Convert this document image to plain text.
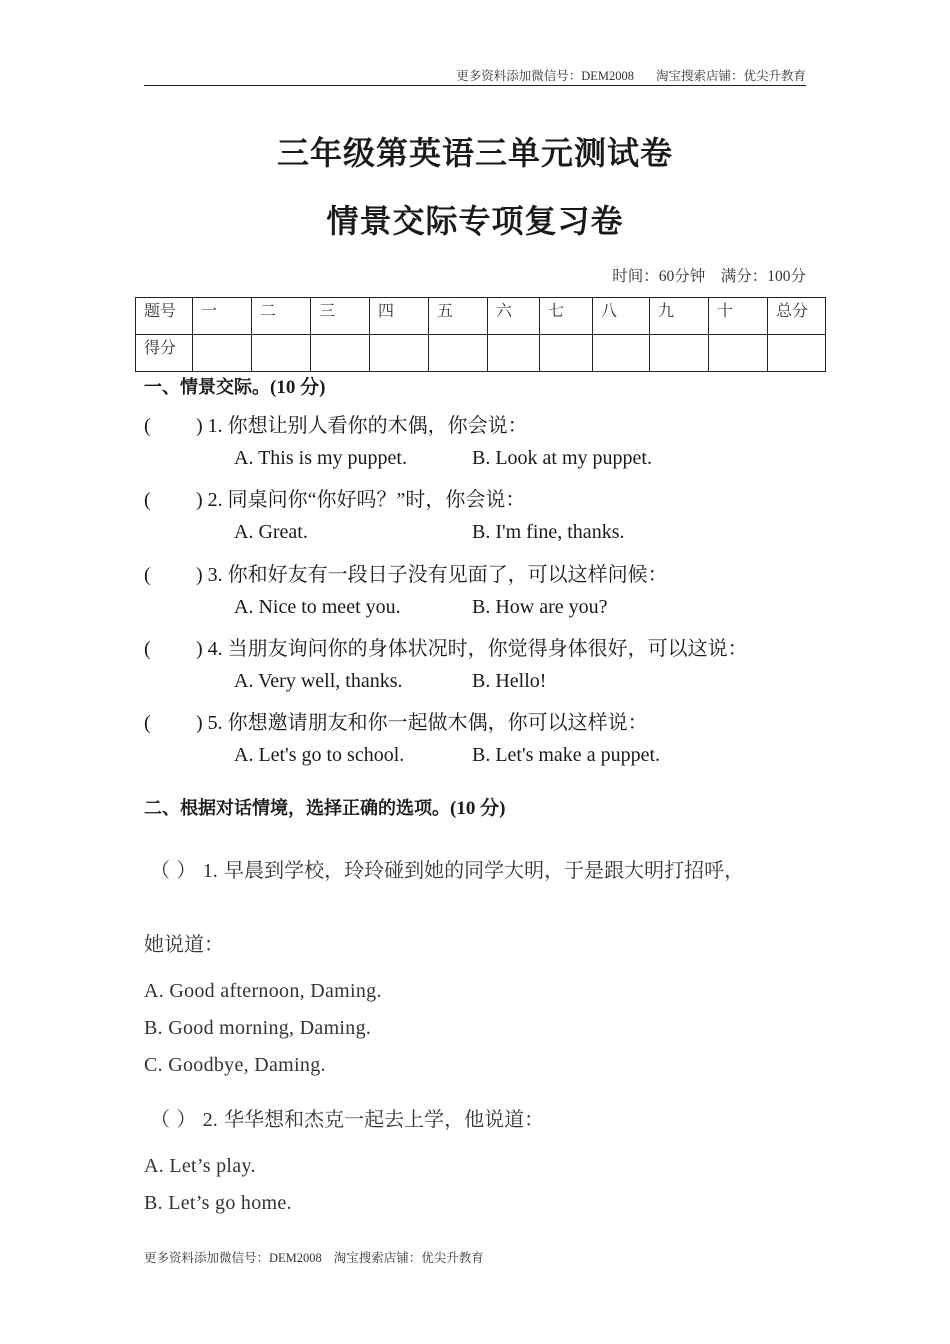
更多资料添加微信号：DEM2008 淘宝搜索店铺：优尖升教育
三年级第英语三单元测试卷
情景交际专项复习卷
时间：60分钟　满分：100分
题号	一	二	三	四	五	六	七	八	九	十	总分
得分											
一、情景交际。(10 分)
( ) 1. 你想让别人看你的木偶，你会说：
A. This is my puppet.	B. Look at my puppet.
( ) 2. 同桌问你“你好吗？”时，你会说：
A. Great.	B. I'm fine, thanks.
( ) 3. 你和好友有一段日子没有见面了，可以这样问候：
A. Nice to meet you.	B. How are you?
( ) 4. 当朋友询问你的身体状况时，你觉得身体很好，可以这说：
A. Very well, thanks.	B. Hello!
( ) 5. 你想邀请朋友和你一起做木偶，你可以这样说：
A. Let's go to school.	B. Let's make a puppet.
二、根据对话情境，选择正确的选项。(10 分)
（ ） 1. 早晨到学校，玲玲碰到她的同学大明，于是跟大明打招呼，
她说道：
A. Good afternoon, Daming.
B. Good morning, Daming.
C. Goodbye, Daming.
（ ） 2. 华华想和杰克一起去上学，他说道：
A. Let’s play.
B. Let’s go home.
更多资料添加微信号：DEM2008 淘宝搜索店铺：优尖升教育
